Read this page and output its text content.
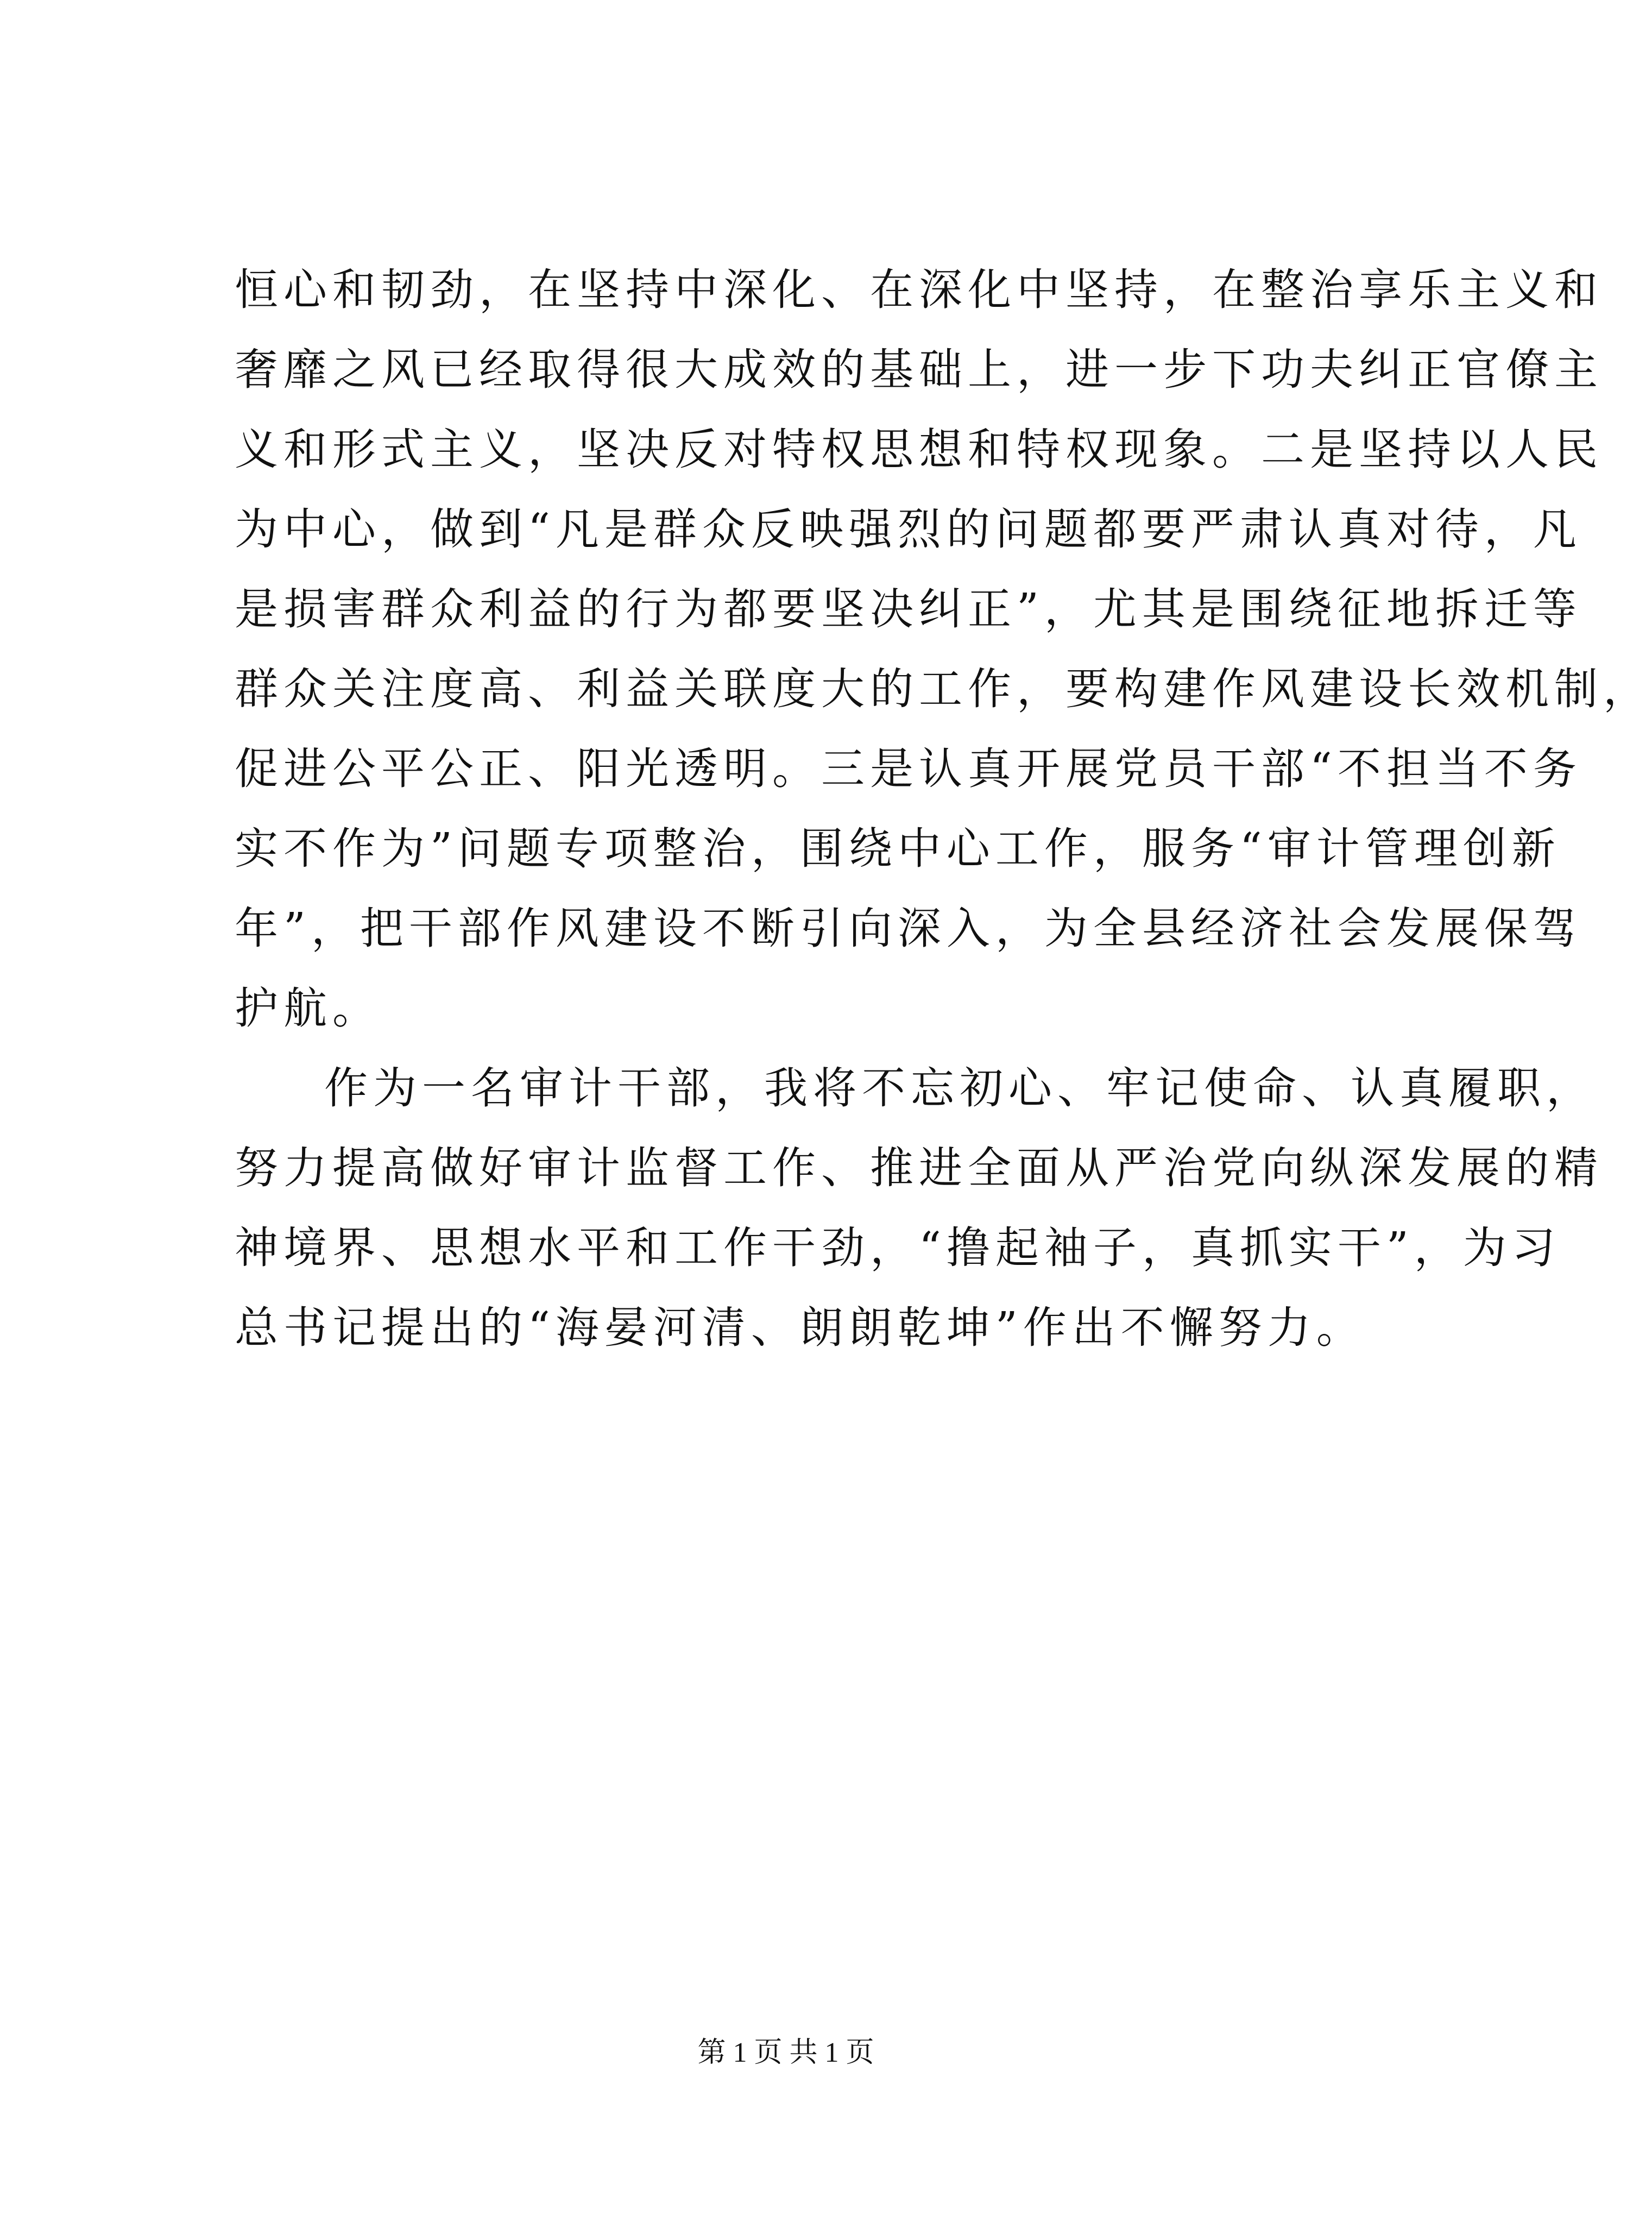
恒心和韧劲，在坚持中深化、在深化中坚持，在整治享乐主义和
奢靡之风已经取得很大成效的基础上，进一步下功夫纠正官僚主
义和形式主义，坚决反对特权思想和特权现象。二是坚持以人民
为中心，做到“凡是群众反映强烈的问题都要严肃认真对待，凡
是损害群众利益的行为都要坚决纠正”，尤其是围绕征地拆迁等
群众关注度高、利益关联度大的工作，要构建作风建设长效机制，
促进公平公正、阳光透明。三是认真开展党员干部“不担当不务
实不作为”问题专项整治，围绕中心工作，服务“审计管理创新
年”，把干部作风建设不断引向深入，为全县经济社会发展保驾
护航。
作为一名审计干部，我将不忘初心、牢记使命、认真履职，
努力提高做好审计监督工作、推进全面从严治党向纵深发展的精
神境界、思想水平和工作干劲，“撸起袖子，真抓实干”，为习
总书记提出的“海晏河清、朗朗乾坤”作出不懈努力。
第 1 页 共 1 页
